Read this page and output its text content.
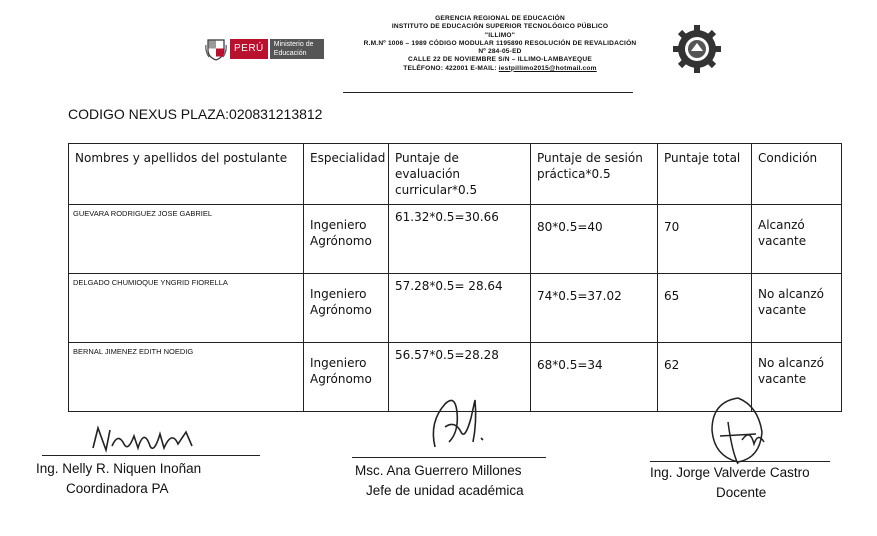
PERÚ	Ministerio de Educación
GERENCIA REGIONAL DE EDUCACIÓN
INSTITUTO DE EDUCACIÓN SUPERIOR TECNOLÓGICO PÚBLICO
"ILLIMO"
R.M.Nº 1006 – 1989 CÓDIGO MODULAR 1195890 RESOLUCIÓN DE REVALIDACIÓN
Nº 284-05-ED
CALLE 22 DE NOVIEMBRE S/N – ILLIMO-LAMBAYEQUE
TELÉFONO: 422001 E-MAIL: iestpillimo2015@hotmail.com
CODIGO NEXUS PLAZA:020831213812
Nombres y apellidos del postulante	Especialidad	Puntaje de evaluación curricular*0.5	Puntaje de sesión práctica*0.5	Puntaje total	Condición
GUEVARA RODRIGUEZ JOSE GABRIEL	Ingeniero Agrónomo	61.32*0.5=30.66	80*0.5=40	70	Alcanzó vacante
DELGADO CHUMIOQUE YNGRID FIORELLA	Ingeniero Agrónomo	57.28*0.5= 28.64	74*0.5=37.02	65	No alcanzó vacante
BERNAL JIMENEZ EDITH NOEDIG	Ingeniero Agrónomo	56.57*0.5=28.28	68*0.5=34	62	No alcanzó vacante
Ing. Nelly R. Niquen Inoñan
Coordinadora PA
Msc. Ana Guerrero Millones
Jefe de unidad académica
Ing. Jorge Valverde Castro
Docente
